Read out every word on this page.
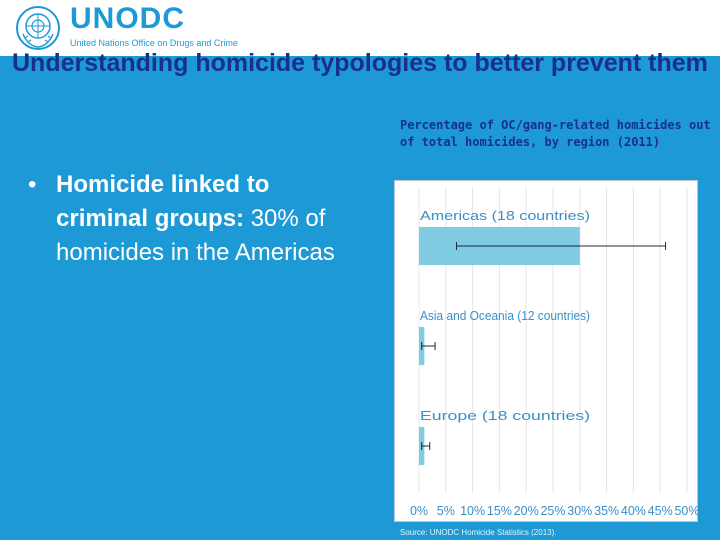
UNODC
United Nations Office on Drugs and Crime
Understanding homicide typologies to better prevent them
Percentage of OC/gang-related homicides out of total homicides, by region (2011)
• Homicide linked to criminal groups: 30% of homicides in the Americas
Americas (18 countries)
Asia and Oceania (12 countries)
Europe (18 countries)
0% 5% 10% 15% 20% 25% 30% 35% 40% 45% 50%
Source: UNODC Homicide Statistics (2013).
